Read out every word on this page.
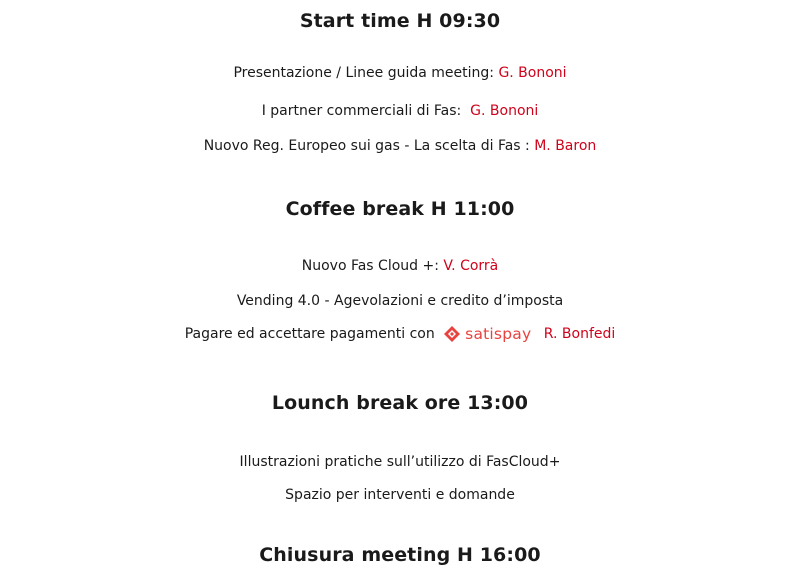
Start time H 09:30
Presentazione / Linee guida meeting: G. Bononi
I partner commerciali di Fas:  G. Bononi
Nuovo Reg. Europeo sui gas - La scelta di Fas : M. Baron
Coffee break H 11:00
Nuovo Fas Cloud +: V. Corrà
Vending 4.0 - Agevolazioni e credito d’imposta
Pagare ed accettare pagamenti con satispay R. Bonfedi
Lounch break ore 13:00
Illustrazioni pratiche sull’utilizzo di FasCloud+
Spazio per interventi e domande
Chiusura meeting H 16:00
